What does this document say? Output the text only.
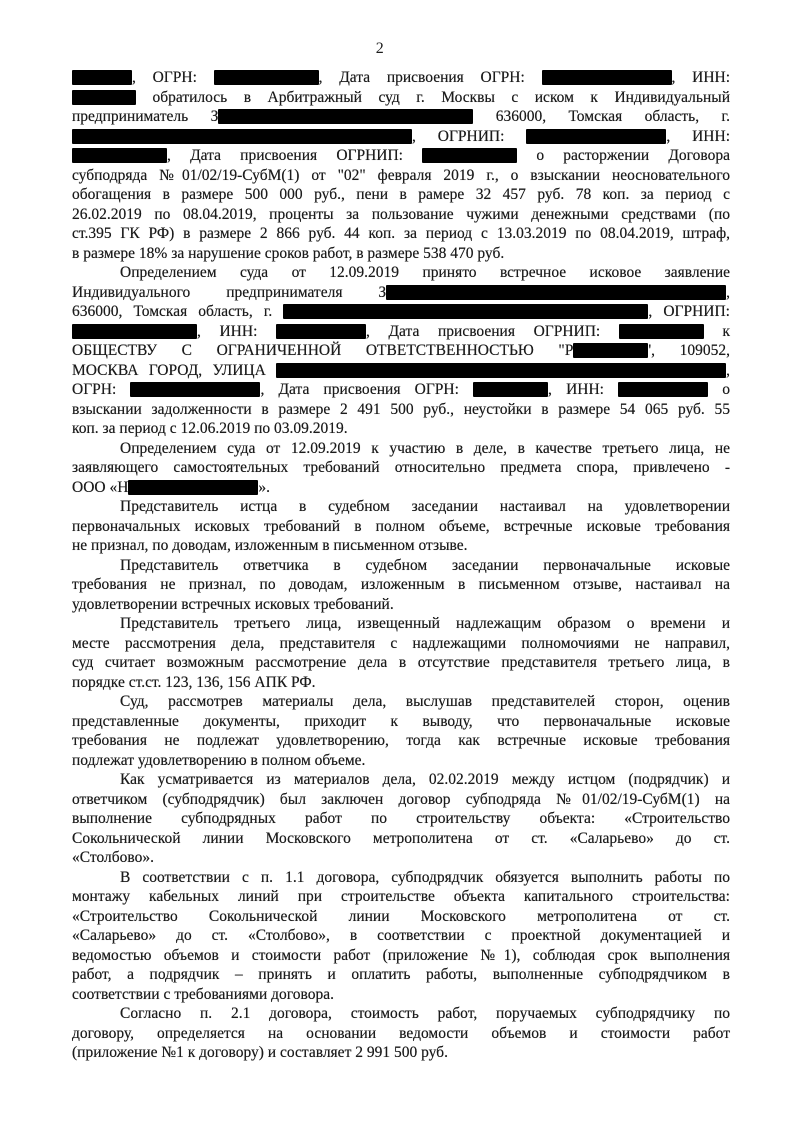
2
, ОГРН:	, Дата присвоения ОГРН:	, ИНН:
обратилось в Арбитражный суд г. Москвы с иском к Индивидуальный
предприниматель З	636000, Томская область, г.
, ОГРНИП:	, ИНН:
, Дата присвоения ОГРНИП:	о расторжении Договора
субподряда №01/02/19-СубМ(1) от "02" февраля 2019 г., о взыскании неосновательного
обогащения в размере 500 000 руб., пени в рамере 32 457 руб. 78 коп. за период с
26.02.2019 по 08.04.2019, проценты за пользование чужими денежными средствами (по
ст.395 ГК РФ) в размере 2 866 руб. 44 коп. за период с 13.03.2019 по 08.04.2019, штраф,
в размере 18% за нарушение сроков работ, в размере 538 470 руб.
Определением суда от 12.09.2019 принято встречное исковое заявление
Индивидуального предпринимателя З	,
636000, Томская область, г.	, ОГРНИП:
, ИНН:	, Дата присвоения ОГРНИП:	к
ОБЩЕСТВУ С ОГРАНИЧЕННОЙ ОТВЕТСТВЕННОСТЬЮ "Р	', 109052,
МОСКВА ГОРОД, УЛИЦА	,
ОГРН:	, Дата присвоения ОГРН:	, ИНН:	о
взыскании задолженности в размере 2 491 500 руб., неустойки в размере 54 065 руб. 55
коп. за период с 12.06.2019 по 03.09.2019.
Определением суда от 12.09.2019 к участию в деле, в качестве третьего лица, не
заявляющего самостоятельных требований относительно предмета спора, привлечено -
ООО «Н	».
Представитель истца в судебном заседании настаивал на удовлетворении
первоначальных исковых требований в полном объеме, встречные исковые требования
не признал, по доводам, изложенным в письменном отзыве.
Представитель ответчика в судебном заседании первоначальные исковые
требования не признал, по доводам, изложенным в письменном отзыве, настаивал на
удовлетворении встречных исковых требований.
Представитель третьего лица, извещенный надлежащим образом о времени и
месте рассмотрения дела, представителя с надлежащими полномочиями не направил,
суд считает возможным рассмотрение дела в отсутствие представителя третьего лица, в
порядке ст.ст. 123, 136, 156 АПК РФ.
Суд, рассмотрев материалы дела, выслушав представителей сторон, оценив
представленные документы, приходит к выводу, что первоначальные исковые
требования не подлежат удовлетворению, тогда как встречные исковые требования
подлежат удовлетворению в полном объеме.
Как усматривается из материалов дела, 02.02.2019 между истцом (подрядчик) и
ответчиком (субподрядчик) был заключен договор субподряда №01/02/19-СубМ(1) на
выполнение субподрядных работ по строительству объекта: «Строительство
Сокольнической линии Московского метрополитена от ст. «Саларьево» до ст.
«Столбово».
В соответствии с п. 1.1 договора, субподрядчик обязуется выполнить работы по
монтажу кабельных линий при строительстве объекта капитального строительства:
«Строительство Сокольнической линии Московского метрополитена от ст.
«Саларьево» до ст. «Столбово», в соответствии с проектной документацией и
ведомостью объемов и стоимости работ (приложение №1), соблюдая срок выполнения
работ, а подрядчик – принять и оплатить работы, выполненные субподрядчиком в
соответствии с требованиями договора.
Согласно п. 2.1 договора, стоимость работ, поручаемых субподрядчику по
договору, определяется на основании ведомости объемов и стоимости работ
(приложение №1 к договору) и составляет 2 991 500 руб.
